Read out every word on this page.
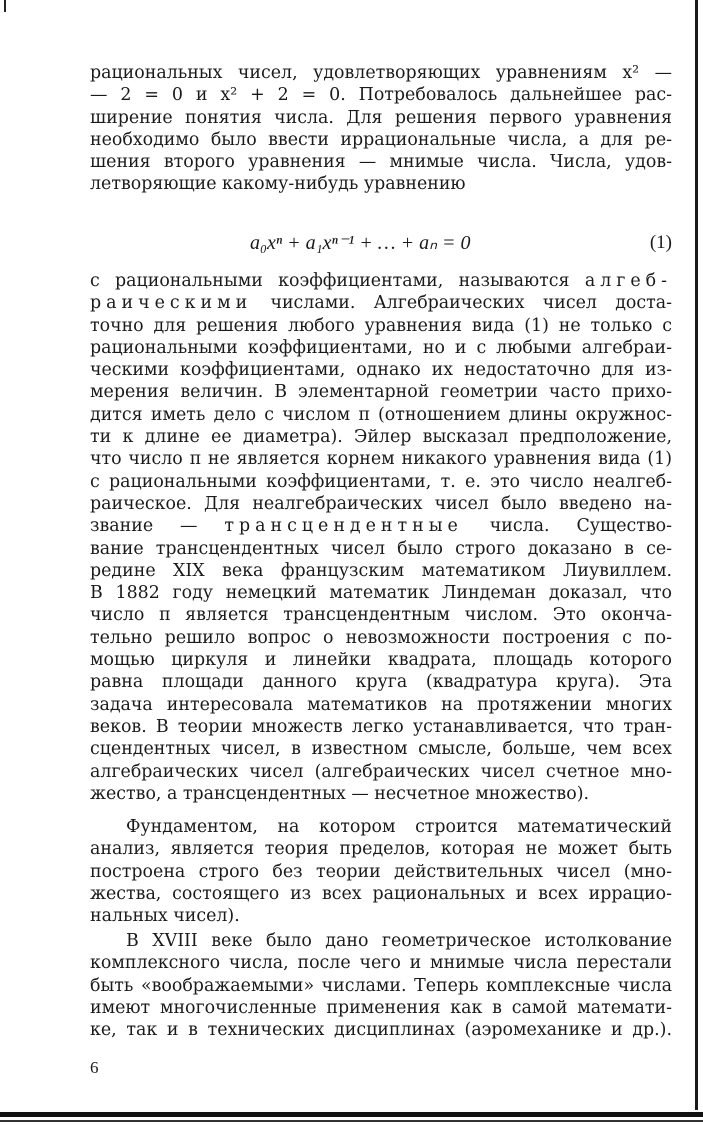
рациональных чисел, удовлетворяющих уравнениям x² —
— 2 = 0 и x² + 2 = 0. Потребовалось дальнейшее рас-
ширение понятия числа. Для решения первого уравнения
необходимо было ввести иррациональные числа, а для ре-
шения второго уравнения — мнимые числа. Числа, удов-
летворяющие какому-нибудь уравнению
a₀xⁿ + a₁xⁿ⁻¹ + … + aₙ = 0	(1)
с рациональными коэффициентами, называются алгеб-
раическими числами. Алгебраических чисел доста-
точно для решения любого уравнения вида (1) не только с
рациональными коэффициентами, но и с любыми алгебраи-
ческими коэффициентами, однако их недостаточно для из-
мерения величин. В элементарной геометрии часто прихо-
дится иметь дело с числом π (отношением длины окружнос-
ти к длине ее диаметра). Эйлер высказал предположение,
что число π не является корнем никакого уравнения вида (1)
с рациональными коэффициентами, т. е. это число неалгеб-
раическое. Для неалгебраических чисел было введено на-
звание — трансцендентные числа. Существо-
вание трансцендентных чисел было строго доказано в се-
редине XIX века французским математиком Лиувиллем.
В 1882 году немецкий математик Линдеман доказал, что
число π является трансцендентным числом. Это оконча-
тельно решило вопрос о невозможности построения с по-
мощью циркуля и линейки квадрата, площадь которого
равна площади данного круга (квадратура круга). Эта
задача интересовала математиков на протяжении многих
веков. В теории множеств легко устанавливается, что тран-
сцендентных чисел, в известном смысле, больше, чем всех
алгебраических чисел (алгебраических чисел счетное мно-
жество, а трансцендентных — несчетное множество).
Фундаментом, на котором строится математический
анализ, является теория пределов, которая не может быть
построена строго без теории действительных чисел (мно-
жества, состоящего из всех рациональных и всех иррацио-
нальных чисел).
В XVIII веке было дано геометрическое истолкование
комплексного числа, после чего и мнимые числа перестали
быть «воображаемыми» числами. Теперь комплексные числа
имеют многочисленные применения как в самой математи-
ке, так и в технических дисциплинах (аэромеханике и др.).
6
